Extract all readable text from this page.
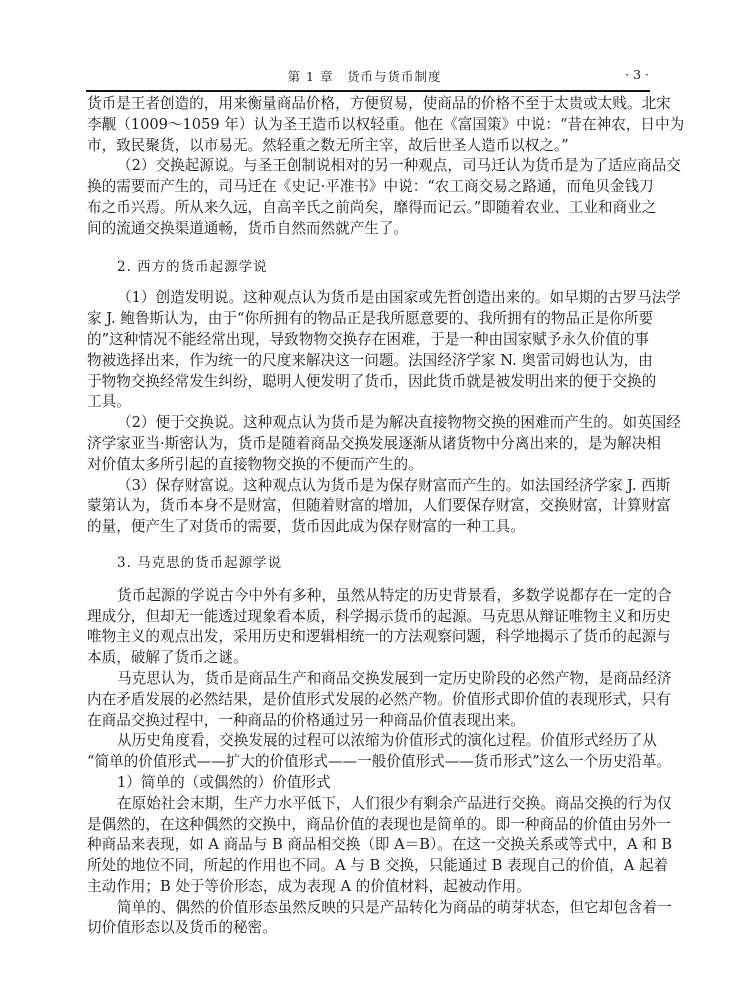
第 1 章　货币与货币制度	· 3 ·
货币是王者创造的，用来衡量商品价格，方便贸易，使商品的价格不至于太贵或太贱。北宋
李觏（1009～1059 年）认为圣王造币以权轻重。他在《富国策》中说：“昔在神农，日中为
市，致民聚货，以市易无。然轻重之数无所主宰，故后世圣人造币以权之。”
（2）交换起源说。与圣王创制说相对的另一种观点，司马迁认为货币是为了适应商品交
换的需要而产生的，司马迁在《史记·平准书》中说：“农工商交易之路通，而龟贝金钱刀
布之币兴焉。所从来久远，自高辛氏之前尚矣，靡得而记云。”即随着农业、工业和商业之
间的流通交换渠道通畅，货币自然而然就产生了。
2. 西方的货币起源学说
（1）创造发明说。这种观点认为货币是由国家或先哲创造出来的。如早期的古罗马法学
家 J. 鲍鲁斯认为，由于“你所拥有的物品正是我所愿意要的、我所拥有的物品正是你所要
的”这种情况不能经常出现，导致物物交换存在困难，于是一种由国家赋予永久价值的事
物被选择出来，作为统一的尺度来解决这一问题。法国经济学家 N. 奥雷司姆也认为，由
于物物交换经常发生纠纷，聪明人便发明了货币，因此货币就是被发明出来的便于交换的
工具。
（2）便于交换说。这种观点认为货币是为解决直接物物交换的困难而产生的。如英国经
济学家亚当·斯密认为，货币是随着商品交换发展逐渐从诸货物中分离出来的，是为解决相
对价值太多所引起的直接物物交换的不便而产生的。
（3）保存财富说。这种观点认为货币是为保存财富而产生的。如法国经济学家 J. 西斯
蒙第认为，货币本身不是财富，但随着财富的增加，人们要保存财富，交换财富，计算财富
的量，便产生了对货币的需要，货币因此成为保存财富的一种工具。
3. 马克思的货币起源学说
货币起源的学说古今中外有多种，虽然从特定的历史背景看，多数学说都存在一定的合
理成分，但却无一能透过现象看本质，科学揭示货币的起源。马克思从辩证唯物主义和历史
唯物主义的观点出发，采用历史和逻辑相统一的方法观察问题，科学地揭示了货币的起源与
本质，破解了货币之谜。
马克思认为，货币是商品生产和商品交换发展到一定历史阶段的必然产物，是商品经济
内在矛盾发展的必然结果，是价值形式发展的必然产物。价值形式即价值的表现形式，只有
在商品交换过程中，一种商品的价格通过另一种商品价值表现出来。
从历史角度看，交换发展的过程可以浓缩为价值形式的演化过程。价值形式经历了从
“简单的价值形式——扩大的价值形式——一般价值形式——货币形式”这么一个历史沿革。
1）简单的（或偶然的）价值形式
在原始社会末期，生产力水平低下，人们很少有剩余产品进行交换。商品交换的行为仅
是偶然的，在这种偶然的交换中，商品价值的表现也是简单的。即一种商品的价值由另外一
种商品来表现，如 A 商品与 B 商品相交换（即 A＝B）。在这一交换关系或等式中，A 和 B
所处的地位不同，所起的作用也不同。A 与 B 交换，只能通过 B 表现自己的价值，A 起着
主动作用；B 处于等价形态，成为表现 A 的价值材料，起被动作用。
简单的、偶然的价值形态虽然反映的只是产品转化为商品的萌芽状态，但它却包含着一
切价值形态以及货币的秘密。
